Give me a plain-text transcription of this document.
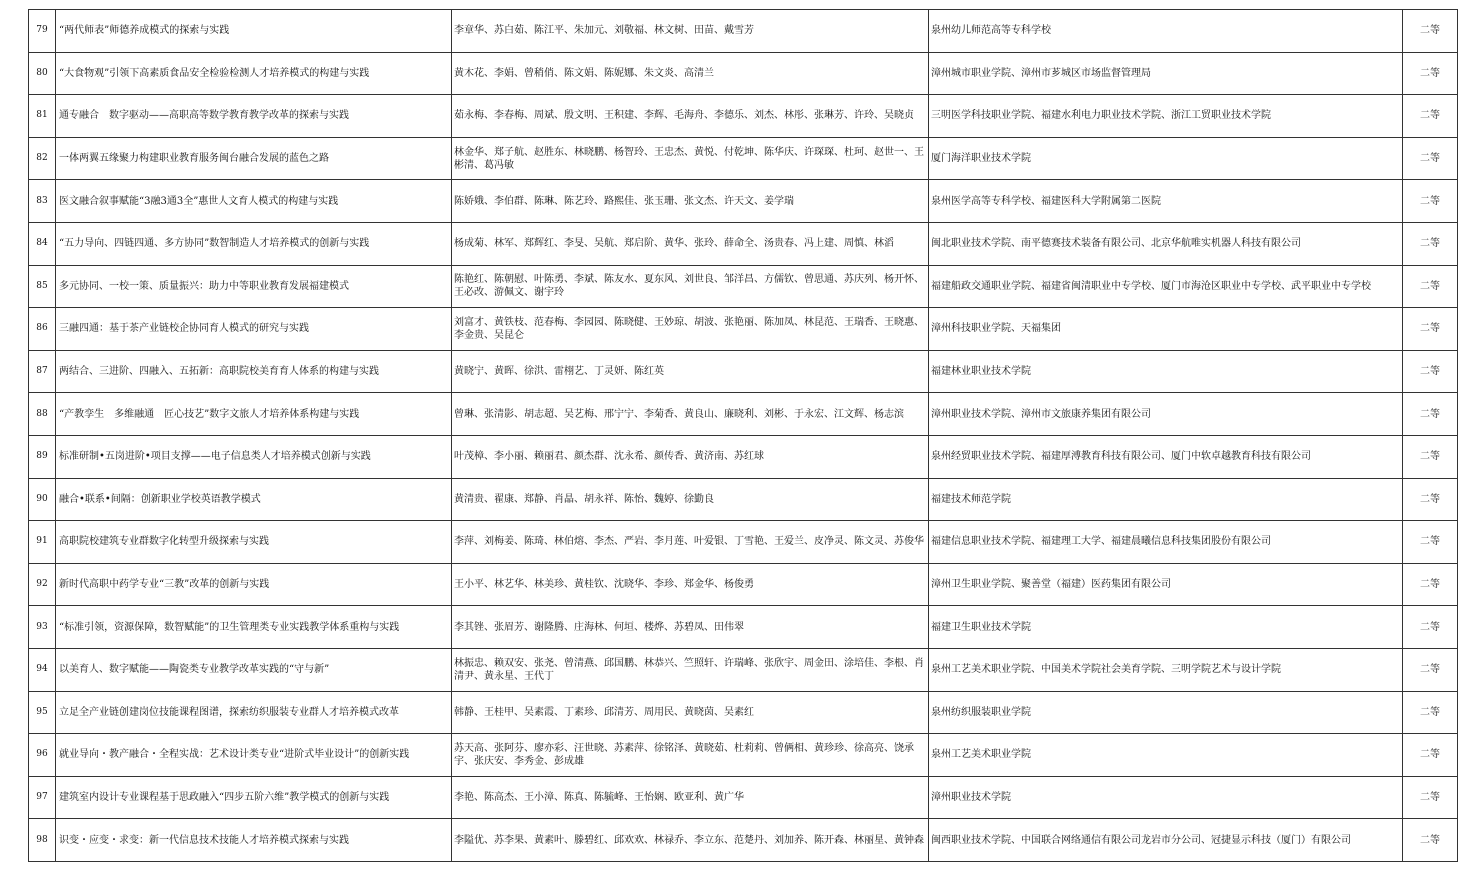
79	“两代师表”师德养成模式的探索与实践	李章华、苏白茹、陈江平、朱加元、刘敬福、林文树、田苗、戴雪芳	泉州幼儿师范高等专科学校	二等
80	“大食物观”引领下高素质食品安全检验检测人才培养模式的构建与实践	黄木花、李娟、曾稍俏、陈文娟、陈妮娜、朱文炎、高清兰	漳州城市职业学院、漳州市芗城区市场监督管理局	二等
81	通专融合　数字驱动——高职高等数学教育教学改革的探索与实践	茹永梅、李春梅、周斌、殷文明、王积建、李辉、毛海舟、李德乐、刘杰、林彤、张琳芳、许玲、吴晓贞	三明医学科技职业学院、福建水利电力职业技术学院、浙江工贸职业技术学院	二等
82	一体两翼五缘聚力构建职业教育服务闽台融合发展的蓝色之路	林金华、郑子航、赵胜东、林晓鹏、杨智玲、王忠杰、黄悦、付乾坤、陈华庆、许琛琛、杜珂、赵世一、王彬清、葛冯敏	厦门海洋职业技术学院	二等
83	医文融合叙事赋能“3融3通3全”惠世人文育人模式的构建与实践	陈娇娥、李伯群、陈琳、陈艺玲、路熙佳、张玉珊、张文杰、许天文、姜学瑞	泉州医学高等专科学校、福建医科大学附属第二医院	二等
84	“五力导向、四链四通、多方协同”数智制造人才培养模式的创新与实践	杨成菊、林军、郑辉红、李旻、吴航、郑启阶、黄华、张玲、薛命全、汤贵春、冯上建、周慎、林滔	闽北职业技术学院、南平德赛技术装备有限公司、北京华航唯实机器人科技有限公司	二等
85	多元协同、一校一策、质量振兴：助力中等职业教育发展福建模式	陈艳红、陈朝慰、叶陈勇、李斌、陈友水、夏东风、刘世良、邹洋昌、方儒钦、曾思通、苏庆列、杨开怀、王必改、游佩文、谢宇玲	福建船政交通职业学院、福建省闽清职业中专学校、厦门市海沧区职业中专学校、武平职业中专学校	二等
86	三融四通：基于茶产业链校企协同育人模式的研究与实践	刘富才、黄铁枝、范春梅、李园园、陈晓健、王妙琼、胡波、张艳丽、陈加凤、林昆范、王瑞香、王晓惠、李金贵、吴昆仑	漳州科技职业学院、天福集团	二等
87	两结合、三进阶、四融入、五拓新：高职院校美育育人体系的构建与实践	黄晓宁、黄晖、徐洪、雷栩艺、丁灵妍、陈红英	福建林业职业技术学院	二等
88	“产教孪生　多维融通　匠心技艺”数字文旅人才培养体系构建与实践	曾琳、张清影、胡志超、吴艺梅、邢宁宁、李菊香、黄良山、廉晓利、刘彬、于永宏、江文辉、杨志滨	漳州职业技术学院、漳州市文旅康养集团有限公司	二等
89	标准研制•五岗进阶•项目支撑——电子信息类人才培养模式创新与实践	叶茂樟、李小丽、赖丽君、颜杰群、沈永希、颜传香、黄济南、苏红球	泉州经贸职业技术学院、福建厚溥教育科技有限公司、厦门中软卓越教育科技有限公司	二等
90	融合•联系•间隔：创新职业学校英语教学模式	黄清贵、翟康、郑静、肖晶、胡永祥、陈怡、魏婷、徐勤良	福建技术师范学院	二等
91	高职院校建筑专业群数字化转型升级探索与实践	李萍、刘梅姜、陈琦、林伯熔、李杰、严岩、李月莲、叶爱银、丁雪艳、王爱兰、皮净灵、陈文灵、苏俊华	福建信息职业技术学院、福建理工大学、福建晨曦信息科技集团股份有限公司	二等
92	新时代高职中药学专业“三教”改革的创新与实践	王小平、林艺华、林美珍、黄桂钦、沈晓华、李珍、郑金华、杨俊勇	漳州卫生职业学院、聚善堂（福建）医药集团有限公司	二等
93	“标准引领，资源保障，数智赋能”的卫生管理类专业实践教学体系重构与实践	李其锉、张眉芳、谢隆腾、庄海林、何垣、楼烨、苏碧凤、田伟翠	福建卫生职业技术学院	二等
94	以美育人、数字赋能——陶瓷类专业教学改革实践的“守与新”	林振忠、赖双安、张尧、曾清燕、邱国鹏、林恭兴、竺照轩、许瑞峰、张欣宇、周金田、涂培佳、李根、肖清尹、黄永星、王代丁	泉州工艺美术职业学院、中国美术学院社会美育学院、三明学院艺术与设计学院	二等
95	立足全产业链创建岗位技能课程图谱，探索纺织服装专业群人才培养模式改革	韩静、王桂甲、吴素霞、丁素珍、邱清芳、周用民、黄晓茵、吴素红	泉州纺织服装职业学院	二等
96	就业导向・教产融合・全程实战：艺术设计类专业“进阶式毕业设计”的创新实践	苏天高、张阿芬、廖亦彩、汪世晓、苏素萍、徐铭泽、黄晓茹、杜莉莉、曾俩相、黄珍珍、徐高亮、饶承宇、张庆安、李秀金、彭成雄	泉州工艺美术职业学院	二等
97	建筑室内设计专业课程基于思政融入“四步五阶六维”教学模式的创新与实践	李艳、陈高杰、王小漳、陈真、陈毓峰、王怡娴、欧亚利、黄广华	漳州职业技术学院	二等
98	识变・应变・求变：新一代信息技术技能人才培养模式探索与实践	李隘优、苏李果、黄素叶、滕碧红、邱欢欢、林禄乔、李立东、范楚丹、刘加养、陈开森、林丽星、黄钟森	闽西职业技术学院、中国联合网络通信有限公司龙岩市分公司、冠捷显示科技（厦门）有限公司	二等
